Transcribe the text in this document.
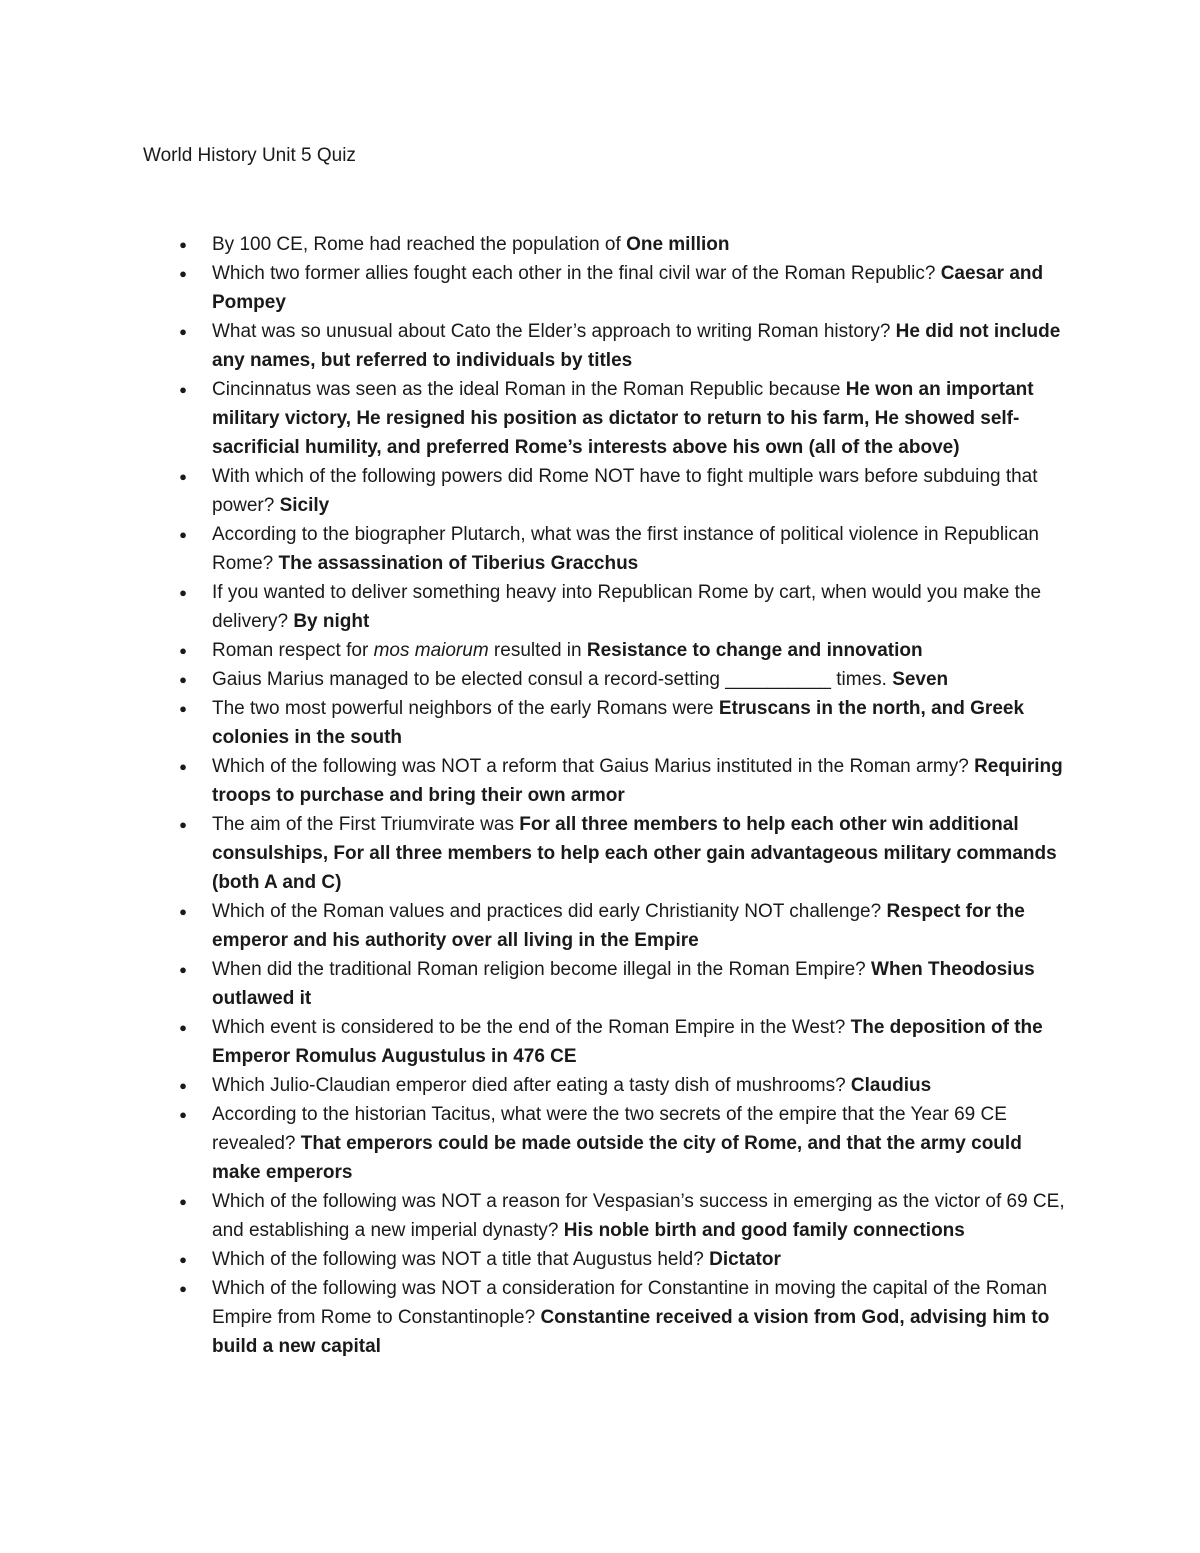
World History Unit 5 Quiz
●	By 100 CE, Rome had reached the population of One million
●	Which two former allies fought each other in the final civil war of the Roman Republic? Caesar and Pompey
●	What was so unusual about Cato the Elder’s approach to writing Roman history? He did not include any names, but referred to individuals by titles
●	Cincinnatus was seen as the ideal Roman in the Roman Republic because He won an important military victory, He resigned his position as dictator to return to his farm, He showed self-sacrificial humility, and preferred Rome’s interests above his own (all of the above)
●	With which of the following powers did Rome NOT have to fight multiple wars before subduing that power? Sicily
●	According to the biographer Plutarch, what was the first instance of political violence in Republican Rome? The assassination of Tiberius Gracchus
●	If you wanted to deliver something heavy into Republican Rome by cart, when would you make the delivery? By night
●	Roman respect for mos maiorum resulted in Resistance to change and innovation
●	Gaius Marius managed to be elected consul a record-setting __________ times. Seven
●	The two most powerful neighbors of the early Romans were Etruscans in the north, and Greek colonies in the south
●	Which of the following was NOT a reform that Gaius Marius instituted in the Roman army? Requiring troops to purchase and bring their own armor
●	The aim of the First Triumvirate was For all three members to help each other win additional consulships, For all three members to help each other gain advantageous military commands (both A and C)
●	Which of the Roman values and practices did early Christianity NOT challenge? Respect for the emperor and his authority over all living in the Empire
●	When did the traditional Roman religion become illegal in the Roman Empire? When Theodosius outlawed it
●	Which event is considered to be the end of the Roman Empire in the West? The deposition of the Emperor Romulus Augustulus in 476 CE
●	Which Julio-Claudian emperor died after eating a tasty dish of mushrooms? Claudius
●	According to the historian Tacitus, what were the two secrets of the empire that the Year 69 CE revealed? That emperors could be made outside the city of Rome, and that the army could make emperors
●	Which of the following was NOT a reason for Vespasian’s success in emerging as the victor of 69 CE, and establishing a new imperial dynasty? His noble birth and good family connections
●	Which of the following was NOT a title that Augustus held? Dictator
●	Which of the following was NOT a consideration for Constantine in moving the capital of the Roman Empire from Rome to Constantinople? Constantine received a vision from God, advising him to build a new capital
